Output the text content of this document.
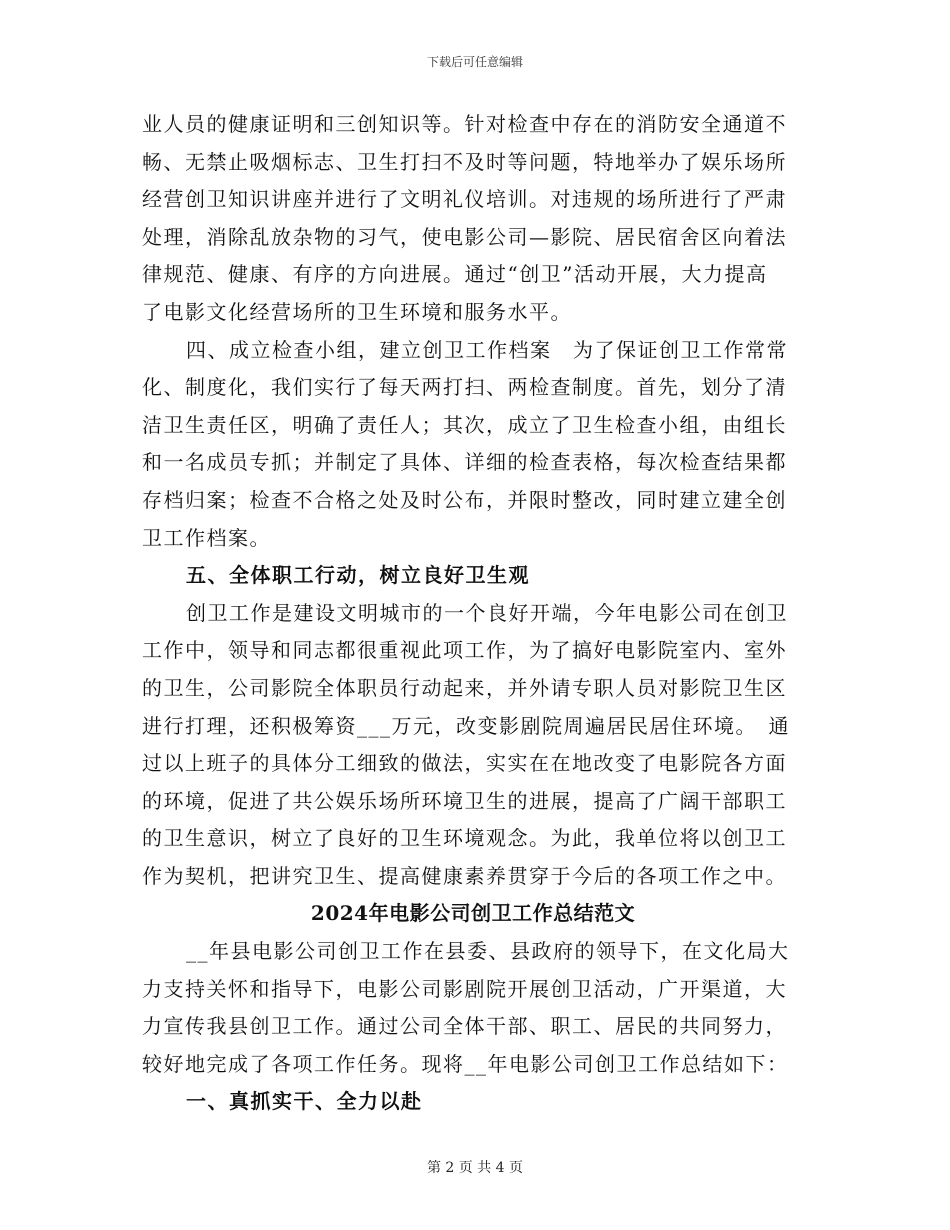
下载后可任意编辑
业人员的健康证明和三创知识等。针对检查中存在的消防安全通道不
畅、无禁止吸烟标志、卫生打扫不及时等问题，特地举办了娱乐场所
经营创卫知识讲座并进行了文明礼仪培训。对违规的场所进行了严肃
处理，消除乱放杂物的习气，使电影公司—影院、居民宿舍区向着法
律规范、健康、有序的方向进展。通过“创卫”活动开展，大力提高
了电影文化经营场所的卫生环境和服务水平。
四、成立检查小组，建立创卫工作档案　为了保证创卫工作常常
化、制度化，我们实行了每天两打扫、两检查制度。首先，划分了清
洁卫生责任区，明确了责任人；其次，成立了卫生检查小组，由组长
和一名成员专抓；并制定了具体、详细的检查表格，每次检查结果都
存档归案；检查不合格之处及时公布，并限时整改，同时建立建全创
卫工作档案。
五、全体职工行动，树立良好卫生观
创卫工作是建设文明城市的一个良好开端，今年电影公司在创卫
工作中，领导和同志都很重视此项工作，为了搞好电影院室内、室外
的卫生，公司影院全体职员行动起来，并外请专职人员对影院卫生区
进行打理，还积极筹资___万元，改变影剧院周遍居民居住环境。　通
过以上班子的具体分工细致的做法，实实在在地改变了电影院各方面
的环境，促进了共公娱乐场所环境卫生的进展，提高了广阔干部职工
的卫生意识，树立了良好的卫生环境观念。为此，我单位将以创卫工
作为契机，把讲究卫生、提高健康素养贯穿于今后的各项工作之中。
2024年电影公司创卫工作总结范文
__年县电影公司创卫工作在县委、县政府的领导下，在文化局大
力支持关怀和指导下，电影公司影剧院开展创卫活动，广开渠道，大
力宣传我县创卫工作。通过公司全体干部、职工、居民的共同努力，
较好地完成了各项工作任务。现将__年电影公司创卫工作总结如下：
一、真抓实干、全力以赴
第 2 页 共 4 页
